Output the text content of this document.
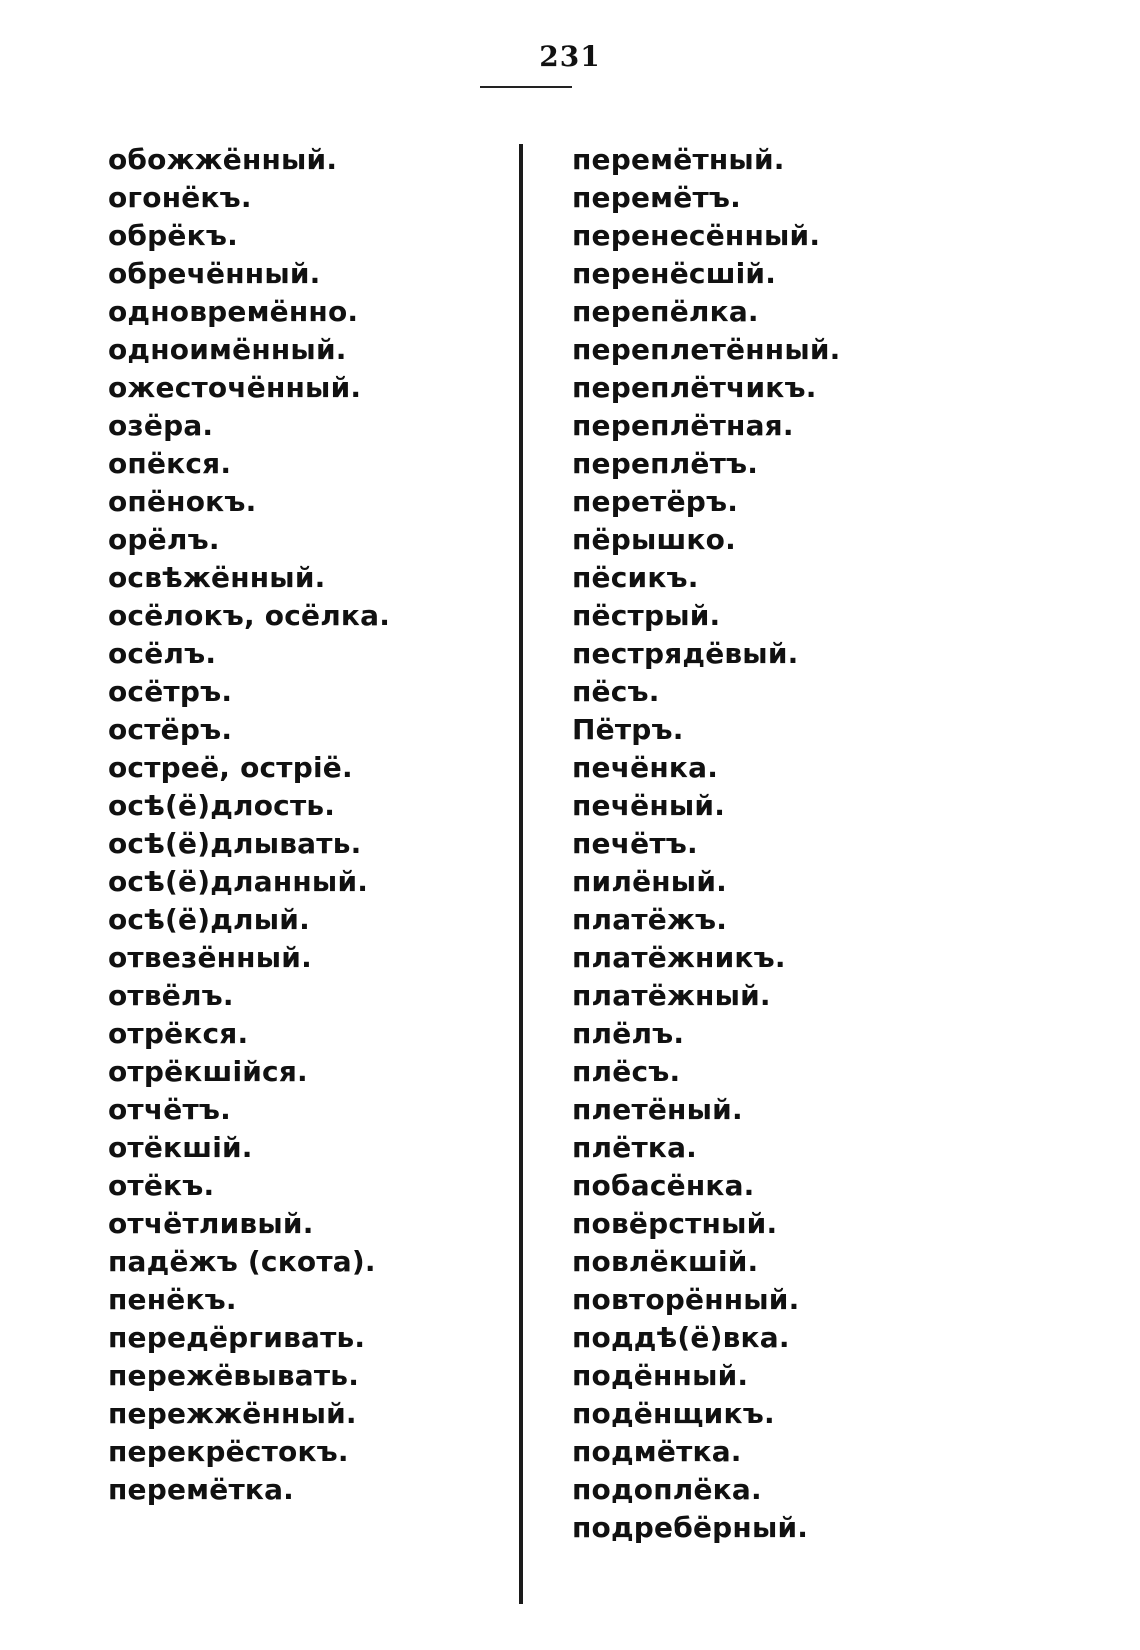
231
обожжённый.
огонёкъ.
обрёкъ.
обречённый.
одновремённо.
одноимённый.
ожесточённый.
озёра.
опёкся.
опёнокъ.
орёлъ.
освѣжённый.
осёлокъ, осёлка.
осёлъ.
осётръ.
остёръ.
остреё, остріё.
осѣ(ё)длость.
осѣ(ё)длывать.
осѣ(ё)дланный.
осѣ(ё)длый.
отвезённый.
отвёлъ.
отрёкся.
отрёкшійся.
отчётъ.
отёкшій.
отёкъ.
отчётливый.
падёжъ (скота).
пенёкъ.
передёргивать.
пережёвывать.
пережжённый.
перекрёстокъ.
перемётка.
перемётный.
перемётъ.
перенесённый.
перенёсшій.
перепёлка.
переплетённый.
переплётчикъ.
переплётная.
переплётъ.
перетёръ.
пёрышко.
пёсикъ.
пёстрый.
пестрядёвый.
пёсъ.
Пётръ.
печёнка.
печёный.
печётъ.
пилёный.
платёжъ.
платёжникъ.
платёжный.
плёлъ.
плёсъ.
плетёный.
плётка.
побасёнка.
повёрстный.
повлёкшій.
повторённый.
поддѣ(ё)вка.
подённый.
подёнщикъ.
подмётка.
подоплёка.
подребёрный.
